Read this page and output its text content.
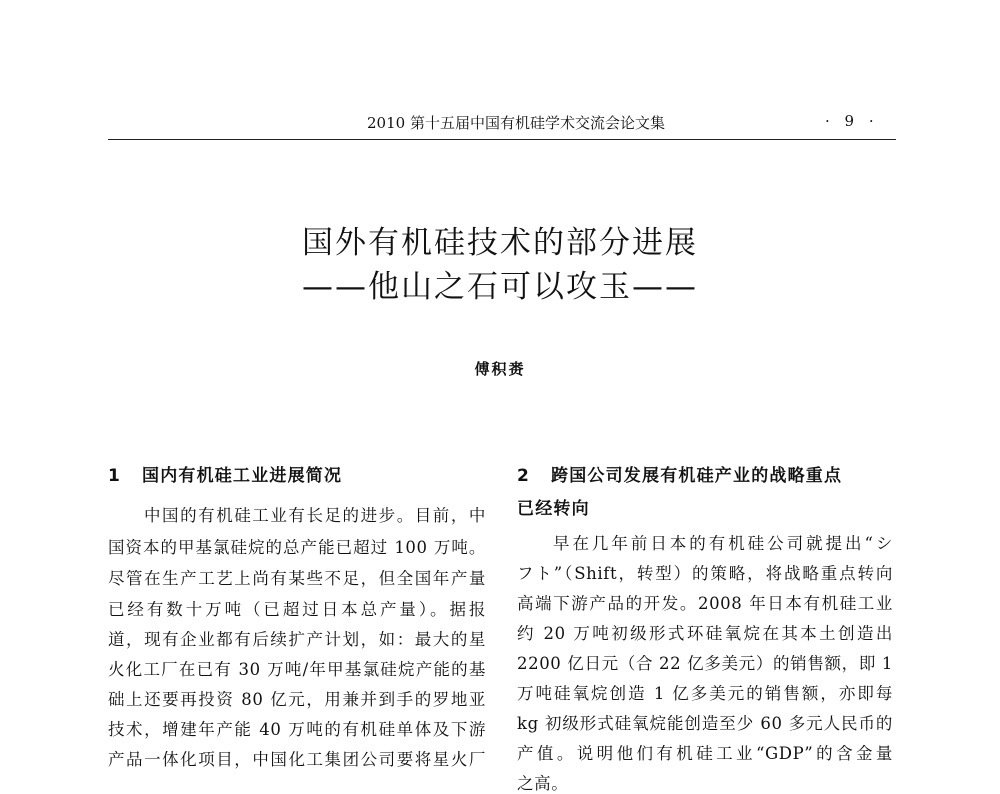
2010 第十五届中国有机硅学术交流会论文集	· 9 ·
国外有机硅技术的部分进展
——他山之石可以攻玉——
傅积赉
1 国内有机硅工业进展简况
中国的有机硅工业有长足的进步。目前，中
国资本的甲基氯硅烷的总产能已超过 100 万吨。
尽管在生产工艺上尚有某些不足，但全国年产量
已经有数十万吨（已超过日本总产量）。据报
道，现有企业都有后续扩产计划，如：最大的星
火化工厂在已有 30 万吨/年甲基氯硅烷产能的基
础上还要再投资 80 亿元，用兼并到手的罗地亚
技术，增建年产能 40 万吨的有机硅单体及下游
产品一体化项目，中国化工集团公司要将星火厂
2 跨国公司发展有机硅产业的战略重点
已经转向
早在几年前日本的有机硅公司就提出“シ
フト”（Shift，转型）的策略，将战略重点转向
高端下游产品的开发。2008 年日本有机硅工业
约 20 万吨初级形式环硅氧烷在其本土创造出
2200 亿日元（合 22 亿多美元）的销售额，即 1
万吨硅氧烷创造 1 亿多美元的销售额，亦即每
kg 初级形式硅氧烷能创造至少 60 多元人民币的
产值。说明他们有机硅工业“GDP”的含金量
之高。
